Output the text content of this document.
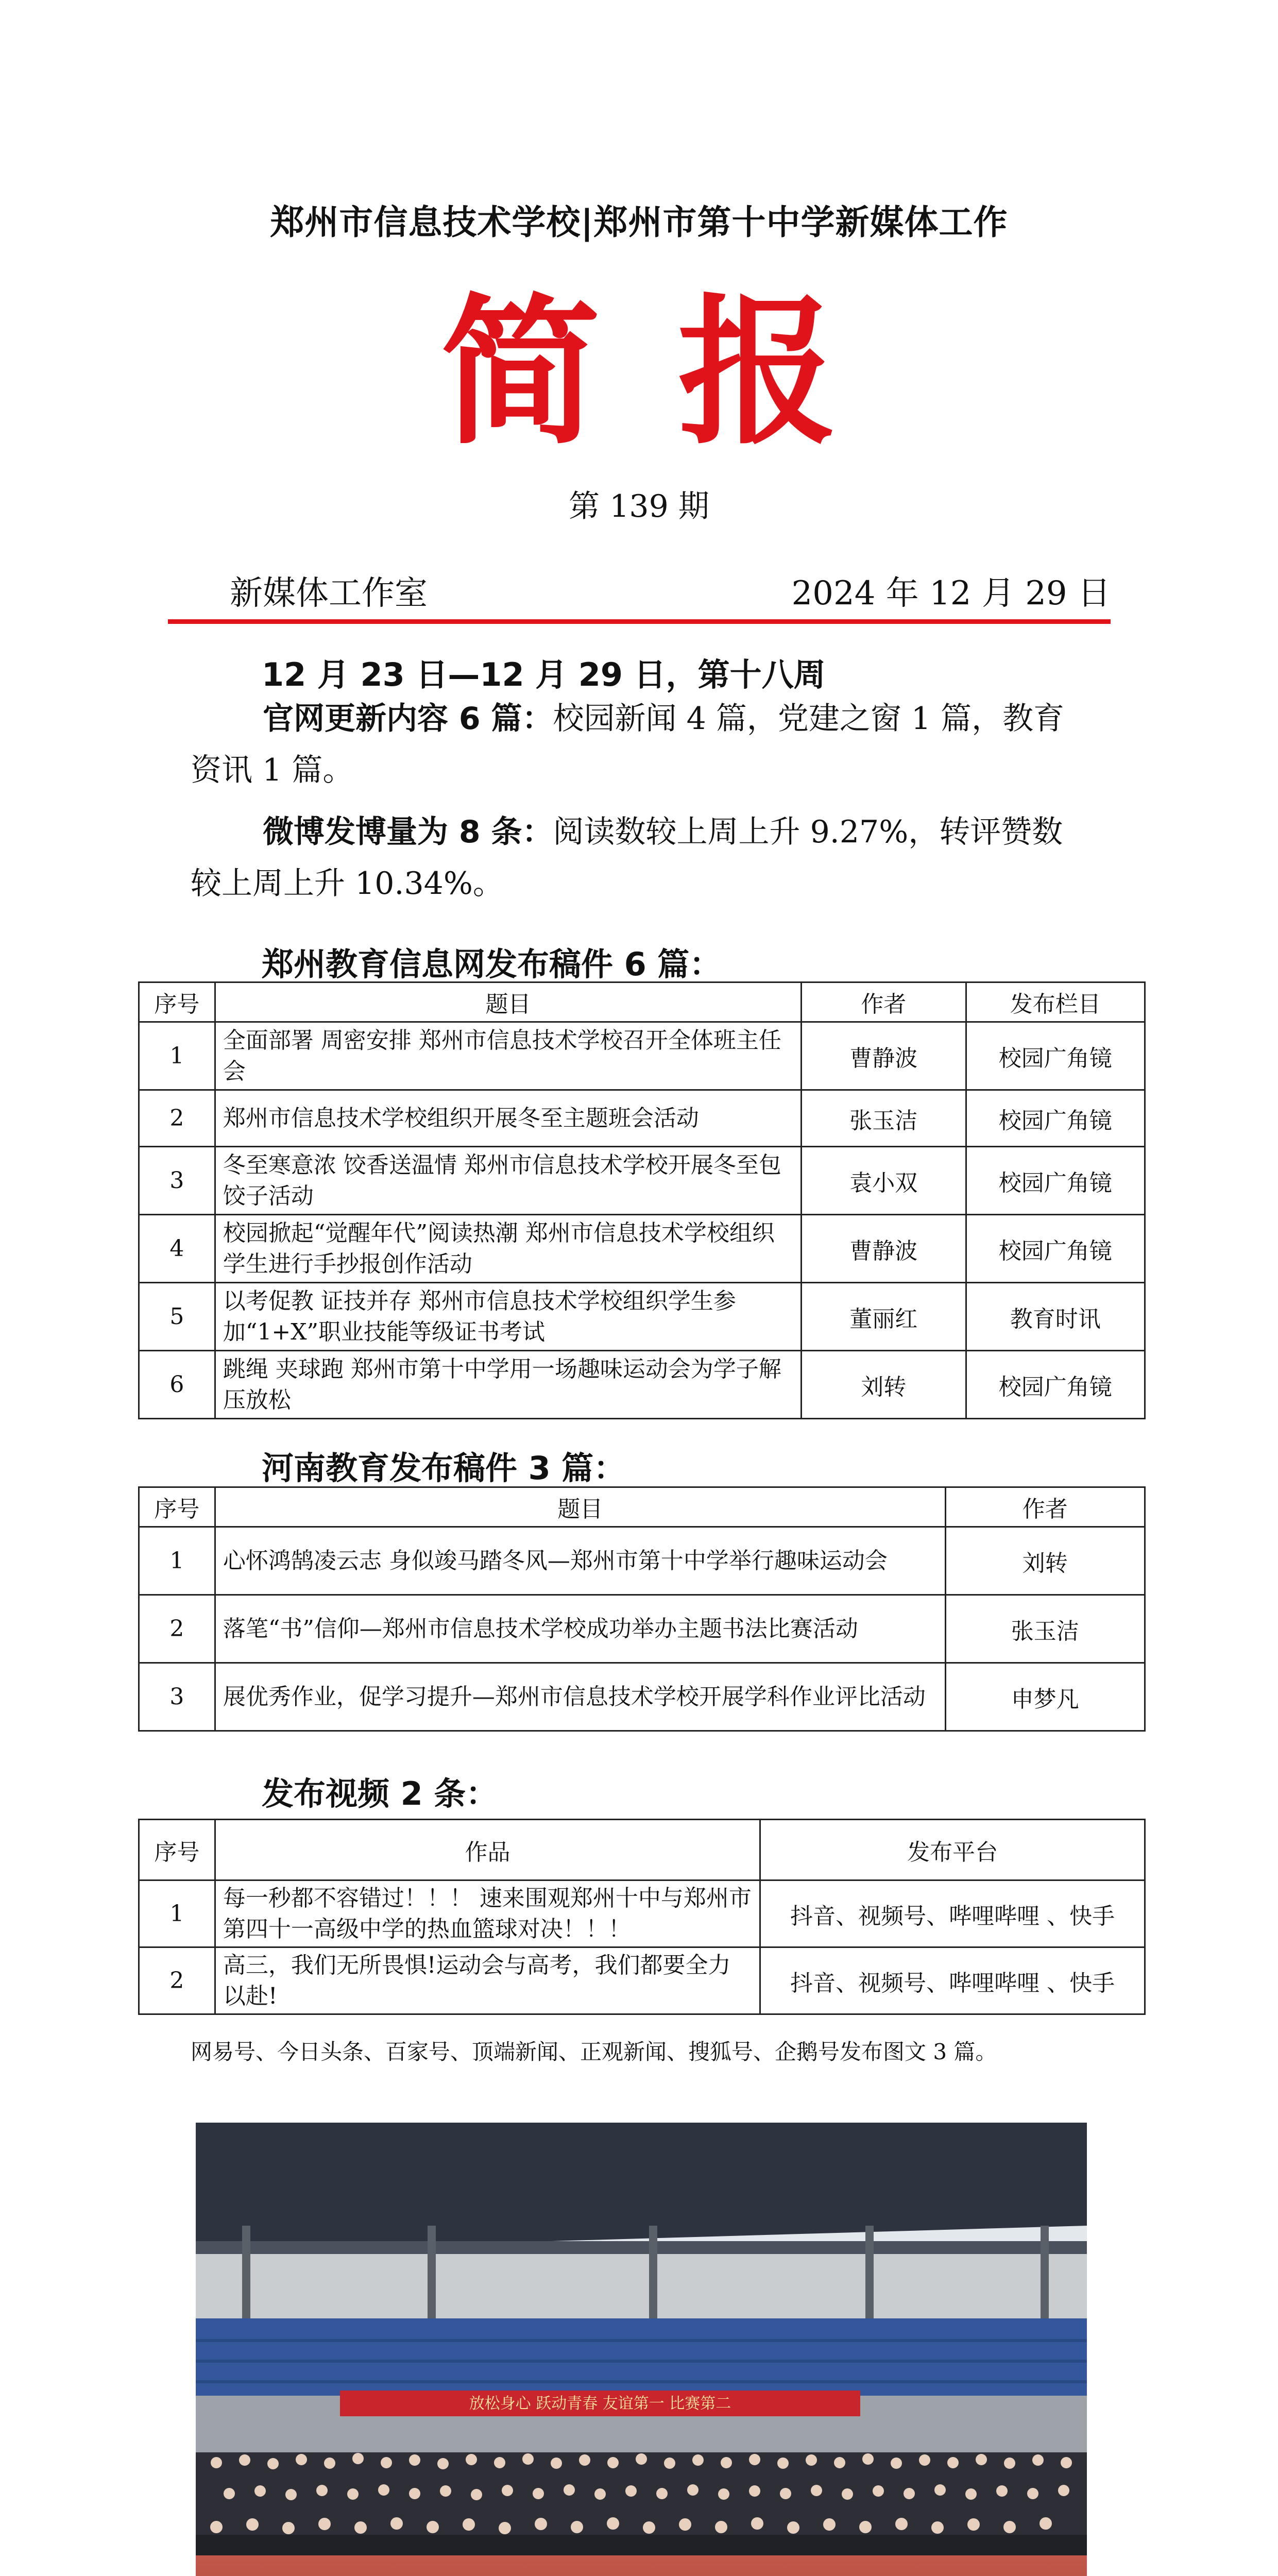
郑州市信息技术学校|郑州市第十中学新媒体工作
简报
第 139 期
新媒体工作室	2024 年 12 月 29 日
12 月 23 日—12 月 29 日，第十八周
官网更新内容 6 篇：校园新闻 4 篇，党建之窗 1 篇，教育资讯 1 篇。
微博发博量为 8 条：阅读数较上周上升 9.27%，转评赞数较上周上升 10.34%。
郑州教育信息网发布稿件 6 篇：
序号	题目	作者	发布栏目
1	全面部署 周密安排 郑州市信息技术学校召开全体班主任会	曹静波	校园广角镜
2	郑州市信息技术学校组织开展冬至主题班会活动	张玉洁	校园广角镜
3	冬至寒意浓 饺香送温情 郑州市信息技术学校开展冬至包饺子活动	袁小双	校园广角镜
4	校园掀起“觉醒年代”阅读热潮 郑州市信息技术学校组织学生进行手抄报创作活动	曹静波	校园广角镜
5	以考促教 证技并存 郑州市信息技术学校组织学生参加“1+X”职业技能等级证书考试	董丽红	教育时讯
6	跳绳 夹球跑 郑州市第十中学用一场趣味运动会为学子解压放松	刘转	校园广角镜
河南教育发布稿件 3 篇：
序号	题目	作者
1	心怀鸿鹄凌云志 身似竣马踏冬风—郑州市第十中学举行趣味运动会	刘转
2	落笔“书”信仰—郑州市信息技术学校成功举办主题书法比赛活动	张玉洁
3	展优秀作业，促学习提升—郑州市信息技术学校开展学科作业评比活动	申梦凡
发布视频 2 条：
序号	作品	发布平台
1	每一秒都不容错过！！！ 速来围观郑州十中与郑州市第四十一高级中学的热血篮球对决！！！	抖音、视频号、哔哩哔哩 、快手
2	高三，我们无所畏惧!运动会与高考，我们都要全力以赴!	抖音、视频号、哔哩哔哩 、快手
网易号、今日头条、百家号、顶端新闻、正观新闻、搜狐号、企鹅号发布图文 3 篇。
放松身心 跃动青春 友谊第一 比赛第二
